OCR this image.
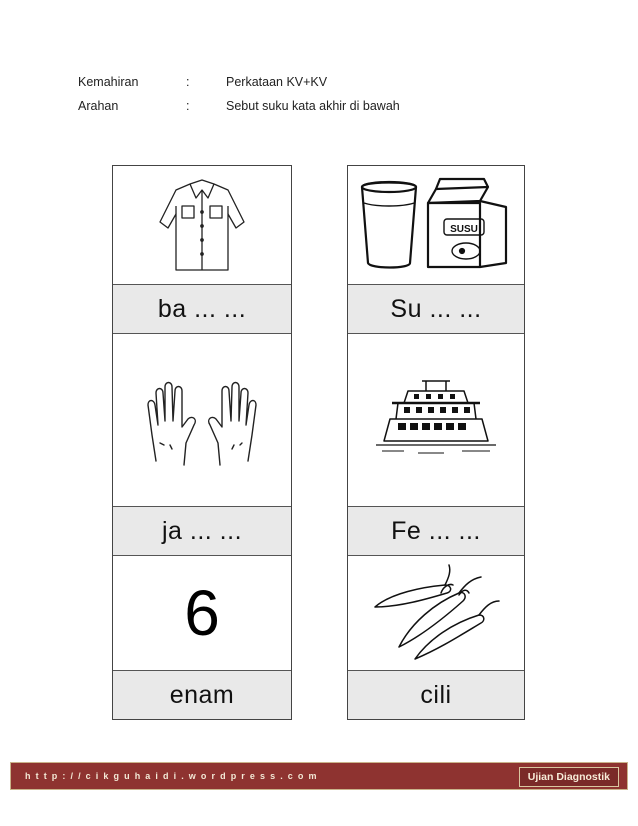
Kemahiran	:	Perkataan KV+KV
Arahan	:	Sebut suku kata akhir di bawah
ba ... ...
ja ... ...
6
enam
SUSU
Su ... ...
Fe ... ...
cili
http://cikguhaidi.wordpress.com	Ujian Diagnostik
